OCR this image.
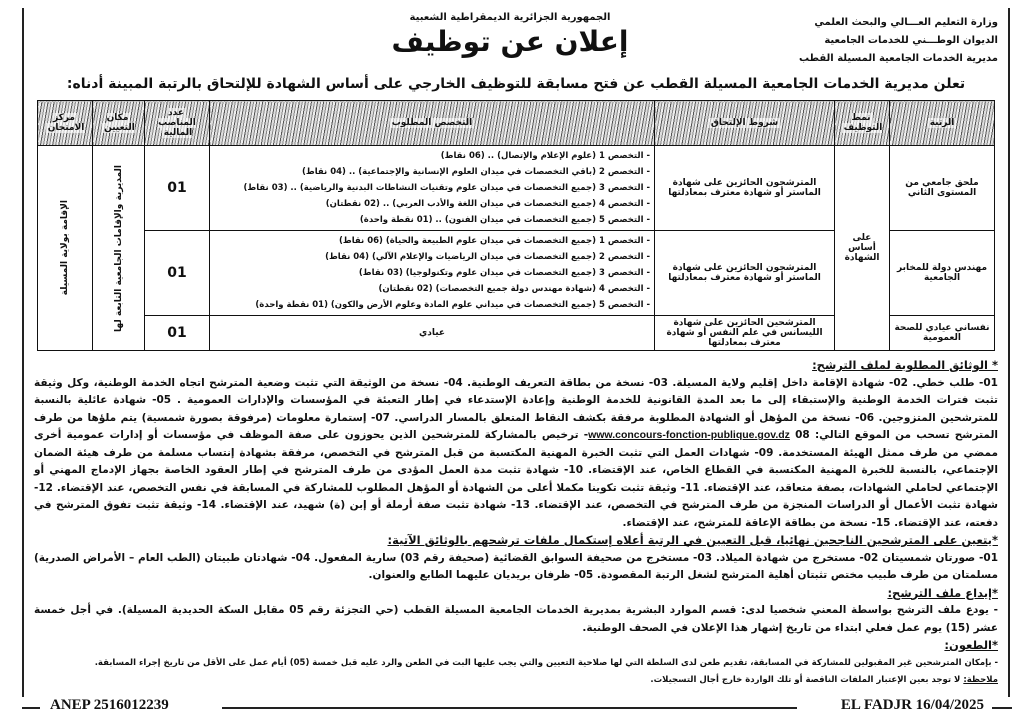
وزارة التعليم العـــالي والبحث العلمي
الديوان الوطـــني للخدمات الجامعية
مديرية الخدمات الجامعية المسيلة القطب
الجمهورية الجزائرية الديمقراطية الشعبية
إعلان عن توظيف
تعلن مديرية الخدمات الجامعية المسيلة القطب عن فتح مسابقة للتوظيف الخارجي على أساس الشهادة للإلتحاق بالرتبة المبينة أدناه:
الرتبة	نمط التوظيف	شروط الإلتحاق	التخصص المطلوب	عدد المناصب المالية	مكان التعيين	مركز الامتحان
ملحق جامعي من المستوى الثاني	على أساس الشهادة	المترشحون الحائزين على شهادة الماستر أو شهادة معترف بمعادلتها	- التخصص 1 (علوم الإعلام والإتصال) .. (06 نقاط)
- التخصص 2 (باقي التخصصات في ميدان العلوم الإنسانية والإجتماعية) .. (04 نقاط)
- التخصص 3 (جميع التخصصات في ميدان علوم وتقنيات النشاطات البدنية والرياضية) .. (03 نقاط)
- التخصص 4 (جميع التخصصات في ميدان اللغة والأدب العربي) .. (02 نقطتان)
- التخصص 5 (جميع التخصصات في ميدان الفنون) .. (01 نقطة واحدة)	01	المديرية والإقامات الجامعية التابعة لها	الإقامة بولاية المسيلة

مهندس دولة للمخابر الجامعية		المترشحون الحائزين على شهادة الماستر أو شهادة معترف بمعادلتها	- التخصص 1 (جميع التخصصات في ميدان علوم الطبيعة والحياة) (06 نقاط)
- التخصص 2 (جميع التخصصات في ميدان الرياضيات والإعلام الآلي) (04 نقاط)
- التخصص 3 (جميع التخصصات في ميدان علوم وتكنولوجيا) (03 نقاط)
- التخصص 4 (شهادة مهندس دولة جميع التخصصات) (02 نقطتان)
- التخصص 5 (جميع التخصصات في ميداني علوم المادة وعلوم الأرض والكون) (01 نقطة واحدة)	01		
نفساني عيادي للصحة العمومية		المترشحين الحائزين على شهادة الليسانس في علم النفس أو شهادة معترف بمعادلتها	عيادي	01		
* الوثائق المطلوبة لملف الترشح:
01- طلب خطي. 02- شهادة الإقامة داخل إقليم ولاية المسيلة. 03- نسخة من بطاقة التعريف الوطنية. 04- نسخة من الوثيقة التي تثبت وضعية المترشح اتجاه الخدمة الوطنية، وكل وثيقة تثبت فترات الخدمة الوطنية والإستبقاء إلى ما بعد المدة القانونية للخدمة الوطنية وإعادة الإستدعاء في إطار التعبئة في المؤسسات والإدارات العمومية . 05- شهادة عائلية بالنسبة للمترشحين المتزوجين. 06- نسخة من المؤهل أو الشهادة المطلوبة مرفقة بكشف النقاط المتعلق بالمسار الدراسي. 07- إستمارة معلومات (مرفوقة بصورة شمسية) يتم ملؤها من طرف المترشح تسحب من الموقع التالي: www.concours-fonction-publique.gov.dz 08- ترخيص بالمشاركة للمترشحين الذين يحوزون على صفة الموظف في مؤسسات أو إدارات عمومية أخرى ممضي من طرف ممثل الهيئة المستخدمة. 09- شهادات العمل التي تثبت الخبرة المهنية المكتسبة من قبل المترشح في التخصص، مرفقة بشهادة إنتساب مسلمة من طرف هيئة الضمان الإجتماعي، بالنسبة للخبرة المهنية المكتسبة في القطاع الخاص، عند الإقتضاء. 10- شهادة تثبت مدة العمل المؤدى من طرف المترشح في إطار العقود الخاصة بجهاز الإدماج المهني أو الإجتماعي لحاملي الشهادات، بصفة متعاقد، عند الإقتضاء. 11- وثيقة تثبت تكوينا مكملا أعلى من الشهادة أو المؤهل المطلوب للمشاركة في المسابقة في نفس التخصص، عند الإقتضاء. 12- شهادة تثبت الأعمال أو الدراسات المنجزة من طرف المترشح في التخصص، عند الإقتضاء. 13- شهادة تثبت صفة أرملة أو إبن (ة) شهيد، عند الإقتضاء. 14- وثيقة تثبت تفوق المترشح في دفعته، عند الإقتضاء. 15- نسخة من بطاقة الإعاقة للمترشح، عند الإقتضاء.
*يتعين على المترشحين الناجحين نهائيا، قبل التعيين في الرتبة أعلاه إستكمال ملفات ترشحهم بالوثائق الآتية:
01- صورتان شمسيتان 02- مستخرج من شهادة الميلاد. 03- مستخرج من صحيفة السوابق القضائية (صحيفة رقم 03) سارية المفعول. 04- شهادتان طبيتان (الطب العام – الأمراض الصدرية) مسلمتان من طرف طبيب مختص تثبتان أهلية المترشح لشغل الرتبة المقصودة. 05- ظرفان بريديان عليهما الطابع والعنوان.
*إيداع ملف الترشح:
- يودع ملف الترشح بواسطة المعني شخصيا لدى: قسم الموارد البشرية بمديرية الخدمات الجامعية المسيلة القطب (حي التجزئة رقم 05 مقابل السكة الحديدية المسيلة). في أجل خمسة عشر (15) يوم عمل فعلي ابتداء من تاريخ إشهار هذا الإعلان في الصحف الوطنية.
*الطعون:
- بإمكان المترشحين غير المقبولين للمشاركة في المسابقة، تقديم طعن لدى السلطة التي لها صلاحية التعيين والتي يجب عليها البت في الطعن والرد عليه قبل خمسة (05) أيام عمل على الأقل من تاريخ إجراء المسابقة.
ملاحظة: لا توجد بعين الإعتبار الملفات الناقصة أو تلك الواردة خارج أجال التسجيلات.
ANEP 2516012239	EL FADJR 16/04/2025
